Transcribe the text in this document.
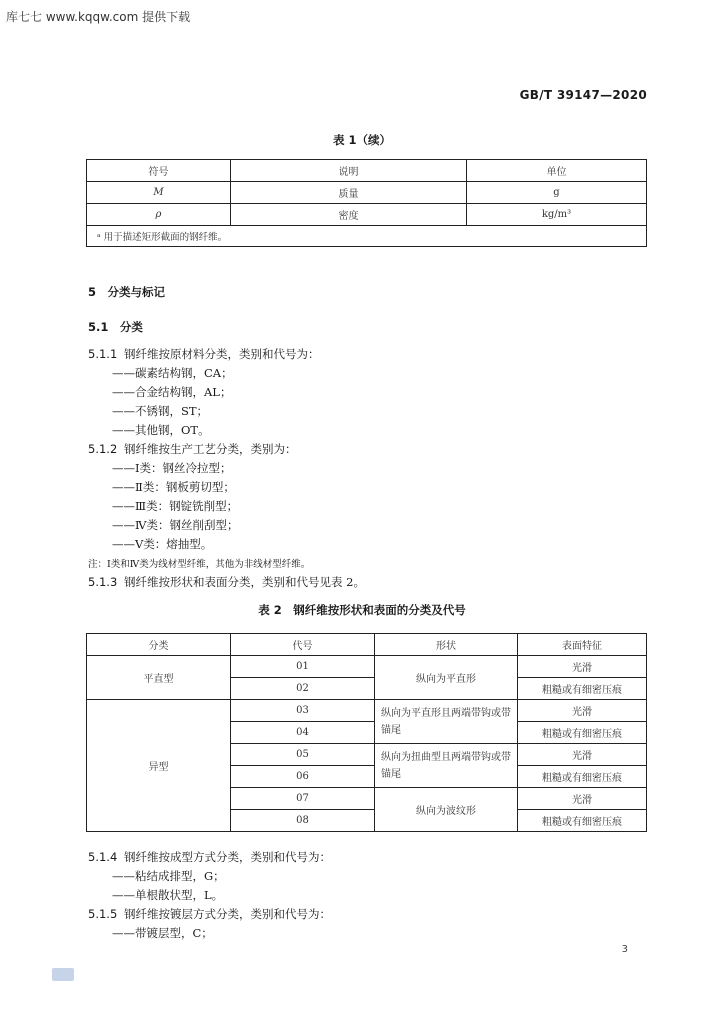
库七七 www.kqqw.com 提供下载
GB/T 39147—2020
表 1（续）
符号	说明	单位
M	质量	g
ρ	密度	kg/m³
ᵃ 用于描述矩形截面的钢纤维。		
5　分类与标记
5.1　分类
5.1.1 钢纤维按原材料分类，类别和代号为：
——碳素结构钢，CA；
——合金结构钢，AL；
——不锈钢，ST；
——其他钢，OT。
5.1.2 钢纤维按生产工艺分类，类别为：
——Ⅰ类：钢丝冷拉型；
——Ⅱ类：钢板剪切型；
——Ⅲ类：钢锭铣削型；
——Ⅳ类：钢丝削刮型；
——Ⅴ类：熔抽型。
注：Ⅰ类和Ⅳ类为线材型纤维，其他为非线材型纤维。
5.1.3 钢纤维按形状和表面分类，类别和代号见表 2。
表 2　钢纤维按形状和表面的分类及代号
分类	代号	形状	表面特征
平直型	01	纵向为平直形	光滑
	02		粗糙或有细密压痕
异型	03	纵向为平直形且两端带钩或带锚尾	光滑
	04		粗糙或有细密压痕
	05	纵向为扭曲型且两端带钩或带锚尾	光滑
	06		粗糙或有细密压痕
	07	纵向为波纹形	光滑
	08		粗糙或有细密压痕
5.1.4 钢纤维按成型方式分类，类别和代号为：
——粘结成排型，G；
——单根散状型，L。
5.1.5 钢纤维按镀层方式分类，类别和代号为：
——带镀层型，C；
3
